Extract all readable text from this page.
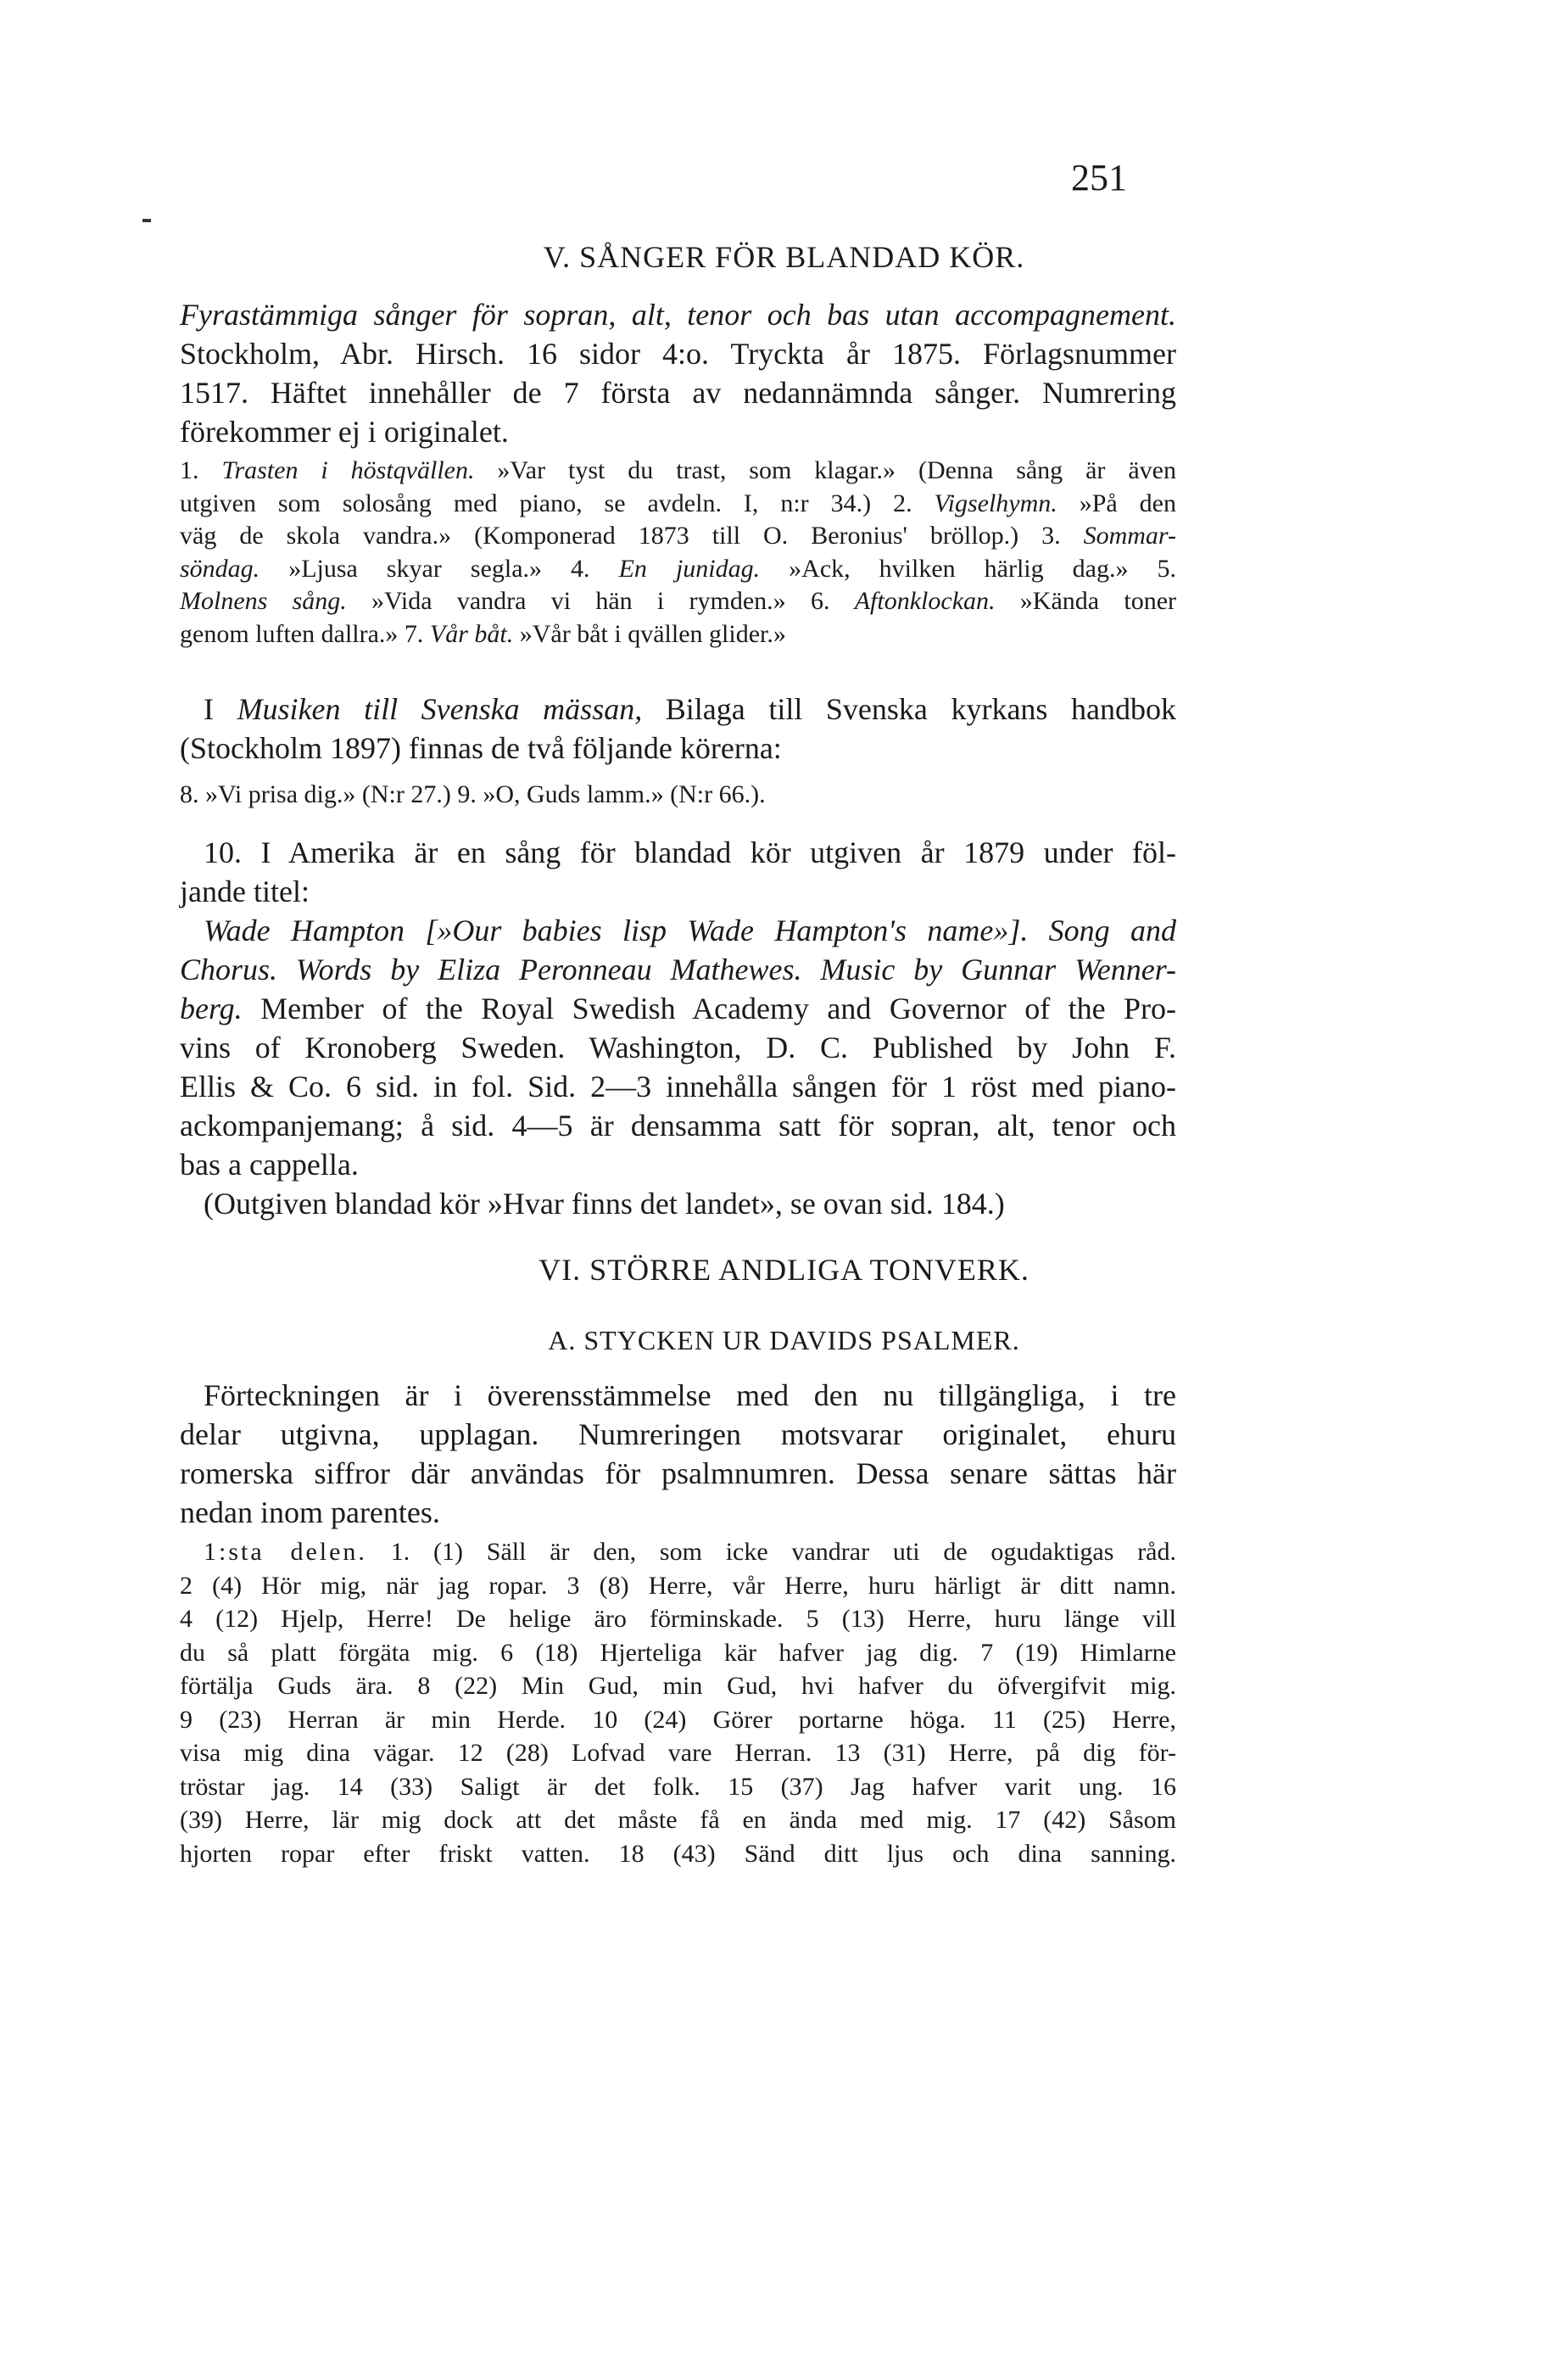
251
V. SÅNGER FÖR BLANDAD KÖR.
Fyrastämmiga sånger för sopran, alt, tenor och bas utan accompagnement.
Stockholm, Abr. Hirsch. 16 sidor 4:o. Tryckta år 1875. Förlagsnummer
1517. Häftet innehåller de 7 första av nedannämnda sånger. Numrering
förekommer ej i originalet.
1. Trasten i höstqvällen. »Var tyst du trast, som klagar.» (Denna sång är även
utgiven som solosång med piano, se avdeln. I, n:r 34.) 2. Vigselhymn. »På den
väg de skola vandra.» (Komponerad 1873 till O. Beronius' bröllop.) 3. Sommar-
söndag. »Ljusa skyar segla.» 4. En junidag. »Ack, hvilken härlig dag.» 5.
Molnens sång. »Vida vandra vi hän i rymden.» 6. Aftonklockan. »Kända toner
genom luften dallra.» 7. Vår båt. »Vår båt i qvällen glider.»
I Musiken till Svenska mässan, Bilaga till Svenska kyrkans handbok
(Stockholm 1897) finnas de två följande körerna:
8. »Vi prisa dig.» (N:r 27.) 9. »O, Guds lamm.» (N:r 66.).
10. I Amerika är en sång för blandad kör utgiven år 1879 under föl-
jande titel:
Wade Hampton [»Our babies lisp Wade Hampton's name»]. Song and
Chorus. Words by Eliza Peronneau Mathewes. Music by Gunnar Wenner-
berg. Member of the Royal Swedish Academy and Governor of the Pro-
vins of Kronoberg Sweden. Washington, D. C. Published by John F.
Ellis & Co. 6 sid. in fol. Sid. 2—3 innehålla sången för 1 röst med piano-
ackompanjemang; å sid. 4—5 är densamma satt för sopran, alt, tenor och
bas a cappella.
(Outgiven blandad kör »Hvar finns det landet», se ovan sid. 184.)
VI. STÖRRE ANDLIGA TONVERK.
A. STYCKEN UR DAVIDS PSALMER.
Förteckningen är i överensstämmelse med den nu tillgängliga, i tre
delar utgivna, upplagan. Numreringen motsvarar originalet, ehuru
romerska siffror där användas för psalmnumren. Dessa senare sättas här
nedan inom parentes.
1:sta delen. 1. (1) Säll är den, som icke vandrar uti de ogudaktigas råd.
2 (4) Hör mig, när jag ropar. 3 (8) Herre, vår Herre, huru härligt är ditt namn.
4 (12) Hjelp, Herre! De helige äro förminskade. 5 (13) Herre, huru länge vill
du så platt förgäta mig. 6 (18) Hjerteliga kär hafver jag dig. 7 (19) Himlarne
förtälja Guds ära. 8 (22) Min Gud, min Gud, hvi hafver du öfvergifvit mig.
9 (23) Herran är min Herde. 10 (24) Görer portarne höga. 11 (25) Herre,
visa mig dina vägar. 12 (28) Lofvad vare Herran. 13 (31) Herre, på dig för-
tröstar jag. 14 (33) Saligt är det folk. 15 (37) Jag hafver varit ung. 16
(39) Herre, lär mig dock att det måste få en ända med mig. 17 (42) Såsom
hjorten ropar efter friskt vatten. 18 (43) Sänd ditt ljus och dina sanning.
